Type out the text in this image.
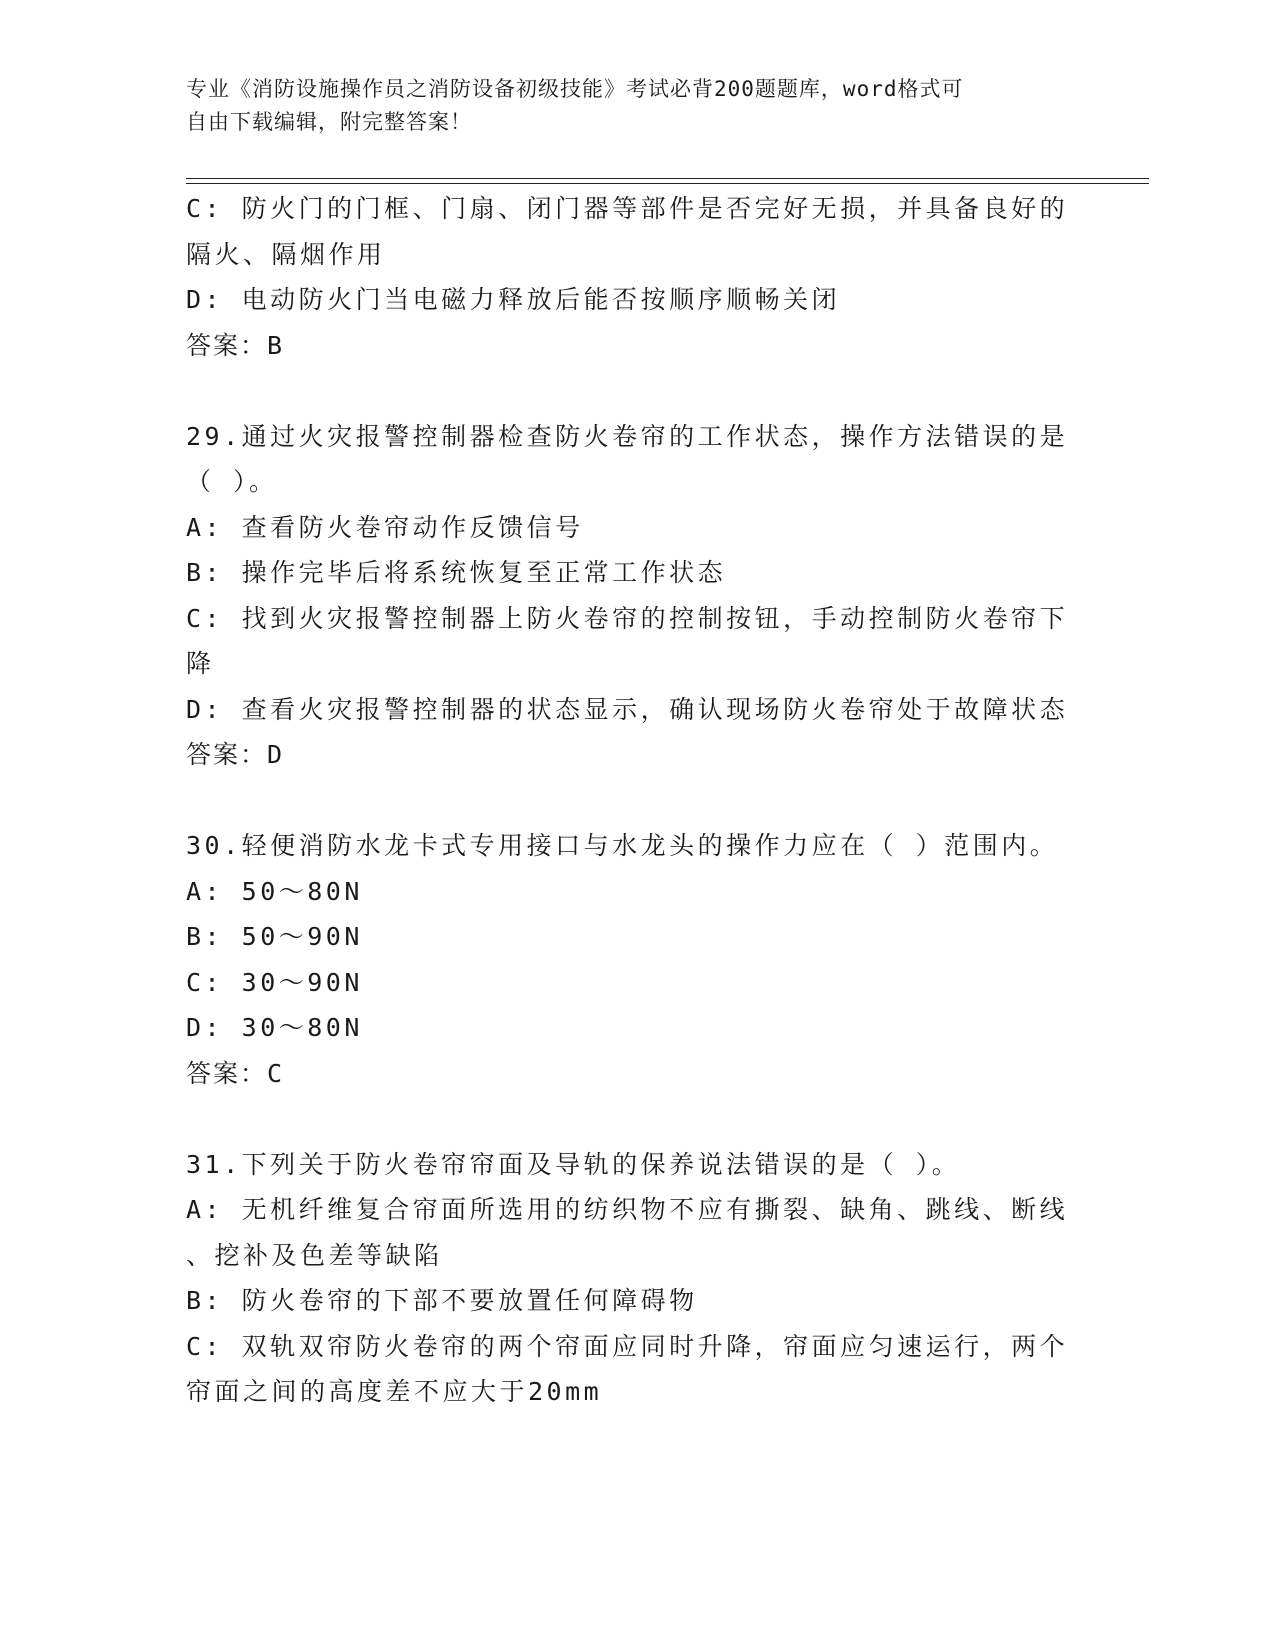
专业《消防设施操作员之消防设备初级技能》考试必背200题题库，word格式可
自由下载编辑，附完整答案！
C: 防火门的门框、门扇、闭门器等部件是否完好无损，并具备良好的
隔火、隔烟作用
D: 电动防火门当电磁力释放后能否按顺序顺畅关闭
答案：B
29.通过火灾报警控制器检查防火卷帘的工作状态，操作方法错误的是
（ ）。
A: 查看防火卷帘动作反馈信号
B: 操作完毕后将系统恢复至正常工作状态
C: 找到火灾报警控制器上防火卷帘的控制按钮，手动控制防火卷帘下
降
D: 查看火灾报警控制器的状态显示，确认现场防火卷帘处于故障状态
答案：D
30.轻便消防水龙卡式专用接口与水龙头的操作力应在（ ）范围内。
A: 50～80N
B: 50～90N
C: 30～90N
D: 30～80N
答案：C
31.下列关于防火卷帘帘面及导轨的保养说法错误的是（ ）。
A: 无机纤维复合帘面所选用的纺织物不应有撕裂、缺角、跳线、断线
、挖补及色差等缺陷
B: 防火卷帘的下部不要放置任何障碍物
C: 双轨双帘防火卷帘的两个帘面应同时升降，帘面应匀速运行，两个
帘面之间的高度差不应大于20mm
